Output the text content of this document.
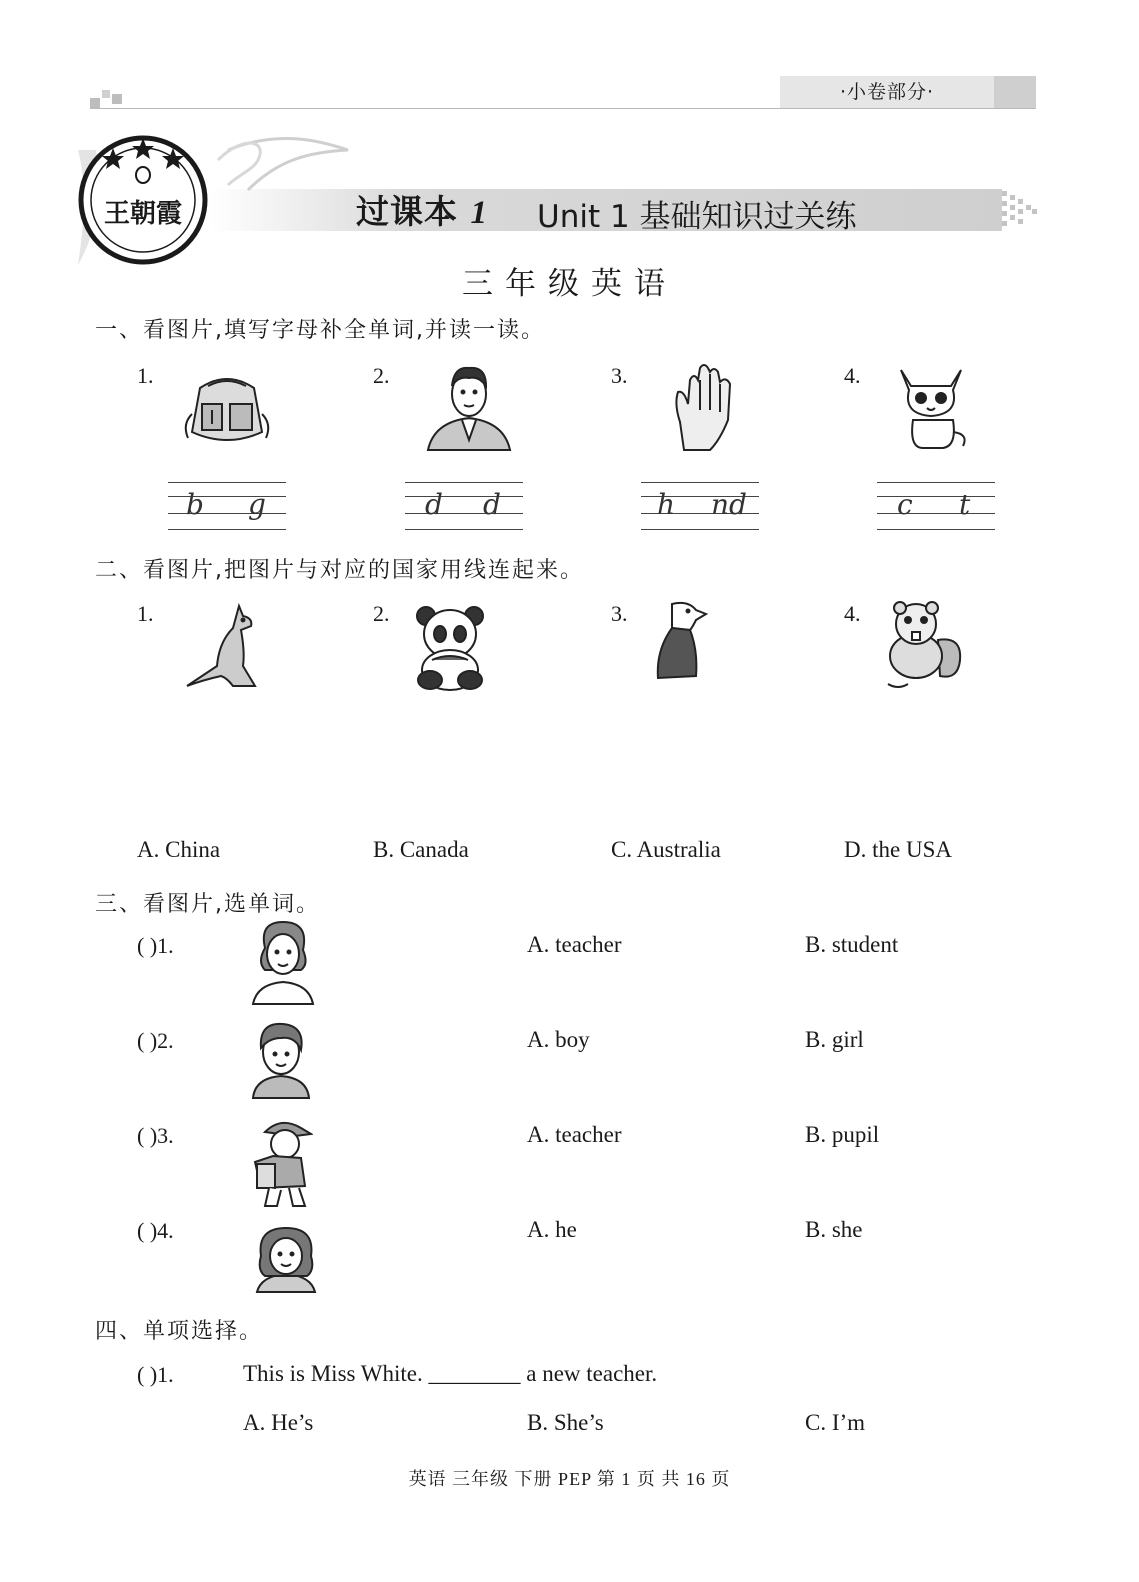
·小卷部分·
王朝霞	过课本 1 Unit 1 基础知识过关练
三年级英语
一、看图片,填写字母补全单词,并读一读。
1.
b g
2.
d d
3.
h nd
4.
c t
二、看图片,把图片与对应的国家用线连起来。
1.	2.	3.	4.
A. China	B. Canada	C. Australia	D. the USA
三、看图片,选单词。
( )1.	A. teacher	B. student
( )2.	A. boy	B. girl
( )3.	A. teacher	B. pupil
( )4.	A. he	B. she
四、单项选择。
( )1.	This is Miss White. ________ a new teacher.
A. He’s	B. She’s	C. I’m
英语 三年级 下册 PEP 第 1 页 共 16 页
